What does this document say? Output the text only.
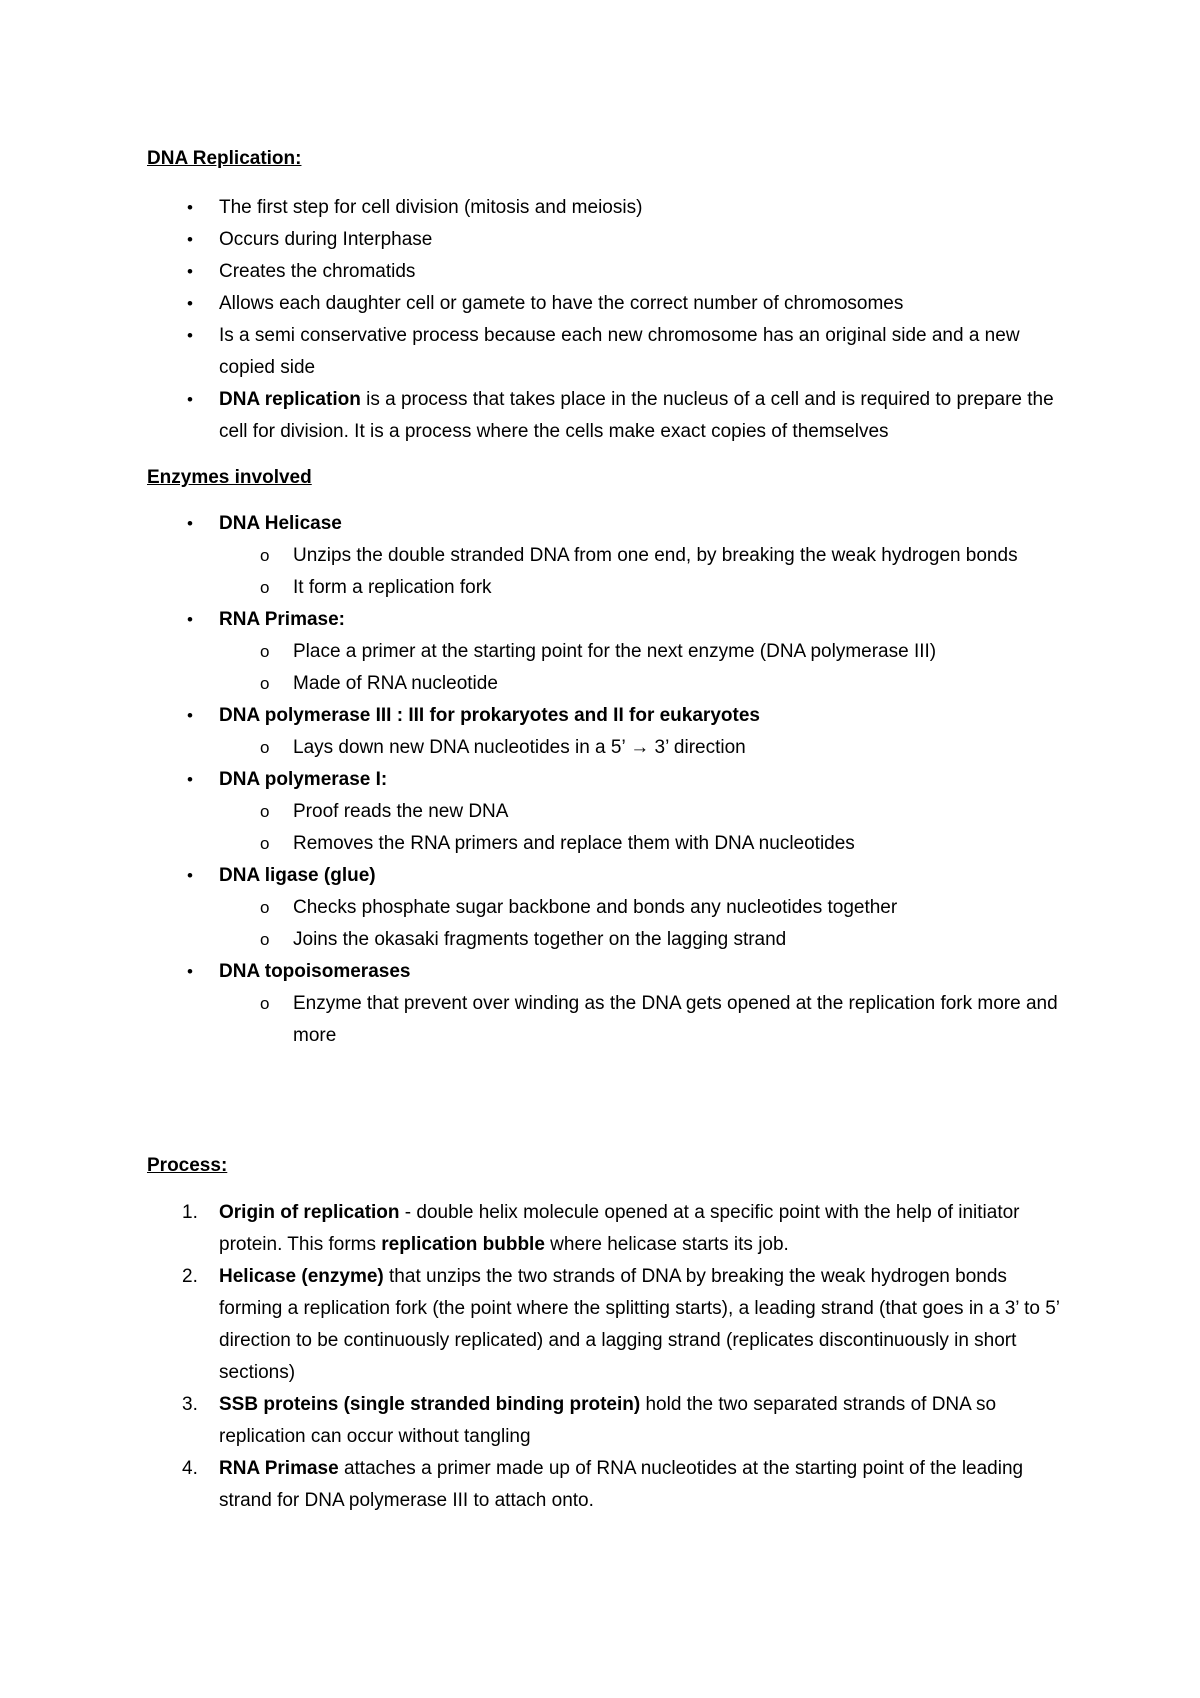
DNA Replication:
• The first step for cell division (mitosis and meiosis)
• Occurs during Interphase
• Creates the chromatids
• Allows each daughter cell or gamete to have the correct number of chromosomes
• Is a semi conservative process because each new chromosome has an original side and a new copied side
• DNA replication is a process that takes place in the nucleus of a cell and is required to prepare the cell for division. It is a process where the cells make exact copies of themselves
Enzymes involved
• DNA Helicase
o Unzips the double stranded DNA from one end, by breaking the weak hydrogen bonds
o It form a replication fork
• RNA Primase:
o Place a primer at the starting point for the next enzyme (DNA polymerase III)
o Made of RNA nucleotide
• DNA polymerase III : III for prokaryotes and II for eukaryotes
o Lays down new DNA nucleotides in a 5’ → 3’ direction
• DNA polymerase I:
o Proof reads the new DNA
o Removes the RNA primers and replace them with DNA nucleotides
• DNA ligase (glue)
o Checks phosphate sugar backbone and bonds any nucleotides together
o Joins the okasaki fragments together on the lagging strand
• DNA topoisomerases
o Enzyme that prevent over winding as the DNA gets opened at the replication fork more and more
Process:
1. Origin of replication - double helix molecule opened at a specific point with the help of initiator protein. This forms replication bubble where helicase starts its job.
2. Helicase (enzyme) that unzips the two strands of DNA by breaking the weak hydrogen bonds forming a replication fork (the point where the splitting starts), a leading strand (that goes in a 3’ to 5’ direction to be continuously replicated) and a lagging strand (replicates discontinuously in short sections)
3. SSB proteins (single stranded binding protein) hold the two separated strands of DNA so replication can occur without tangling
4. RNA Primase attaches a primer made up of RNA nucleotides at the starting point of the leading strand for DNA polymerase III to attach onto.
